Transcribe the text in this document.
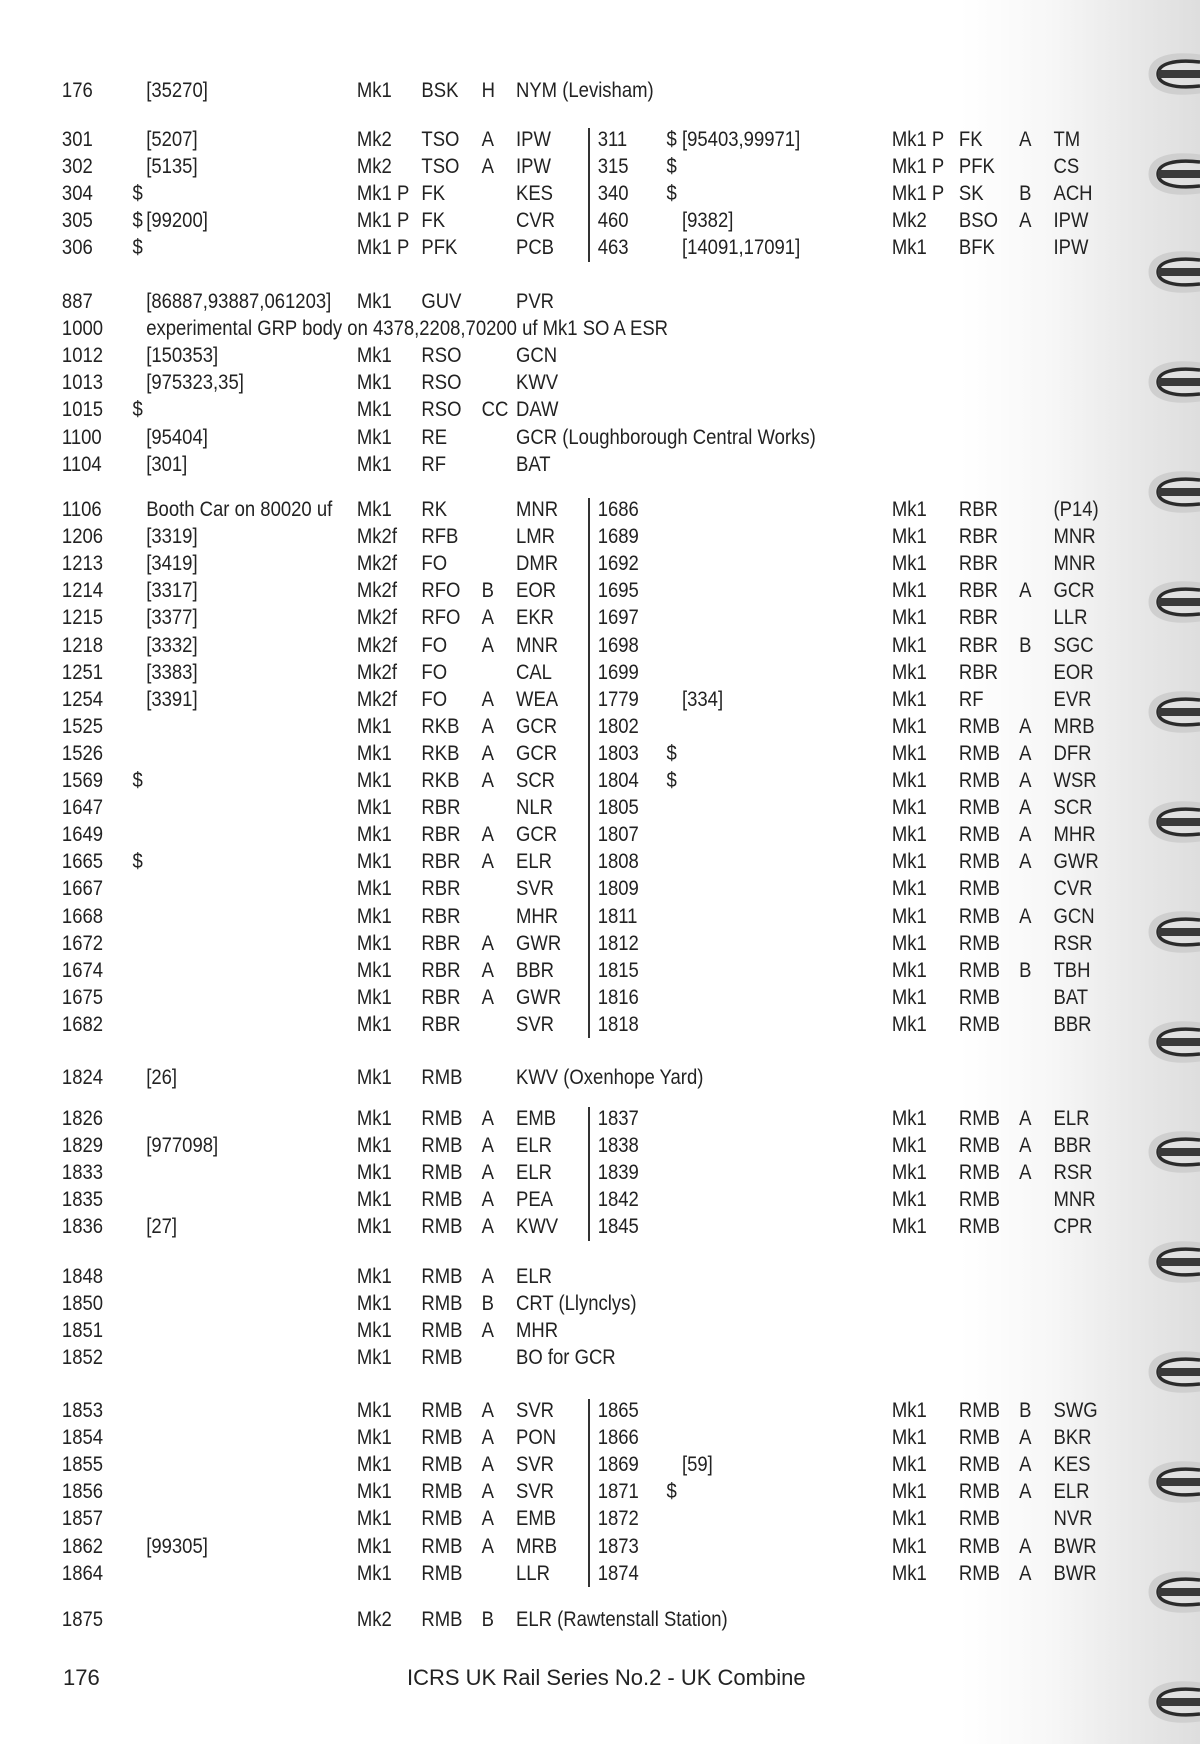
176 [35270]	Mk1 BSK H NYM (Levisham)
301 [5207]	Mk2 TSO A IPW 311 $ [95403,99971]	Mk1 P FK A TM
302 [5135]	Mk2 TSO A IPW 315 $	Mk1 P PFK	CS
304 $	Mk1 P FK	KES 340 $	Mk1 P SK B ACH
305 $ [99200]	Mk1 P FK	CVR 460 [9382]	Mk2 BSO A IPW
306 $	Mk1 P PFK	PCB 463 [14091,17091]	Mk1 BFK	IPW
887 [86887,93887,061203] Mk1 GUV	PVR
1000 experimental GRP body on 4378,2208,70200 uf Mk1 SO A ESR
1012 [150353]	Mk1 RSO	GCN
1013 [975323,35]	Mk1 RSO	KWV
1015 $	Mk1 RSO CC DAW
1100 [95404]	Mk1 RE	GCR (Loughborough Central Works)
1104 [301]	Mk1 RF	BAT
1106 Booth Car on 80020 uf Mk1 RK	MNR 1686	Mk1 RBR	(P14)
1206 [3319]	Mk2f RFB	LMR 1689	Mk1 RBR	MNR
1213 [3419]	Mk2f FO	DMR 1692	Mk1 RBR	MNR
1214 [3317]	Mk2f RFO B EOR 1695	Mk1 RBR A GCR
1215 [3377]	Mk2f RFO A EKR 1697	Mk1 RBR	LLR
1218 [3332]	Mk2f FO A MNR 1698	Mk1 RBR B SGC
1251 [3383]	Mk2f FO	CAL 1699	Mk1 RBR	EOR
1254 [3391]	Mk2f FO A WEA 1779 [334]	Mk1 RF	EVR
1525	Mk1 RKB A GCR 1802	Mk1 RMB A MRB
1526	Mk1 RKB A GCR 1803 $	Mk1 RMB A DFR
1569 $	Mk1 RKB A SCR 1804 $	Mk1 RMB A WSR
1647	Mk1 RBR	NLR 1805	Mk1 RMB A SCR
1649	Mk1 RBR A GCR 1807	Mk1 RMB A MHR
1665 $	Mk1 RBR A ELR 1808	Mk1 RMB A GWR
1667	Mk1 RBR	SVR 1809	Mk1 RMB CVR
1668	Mk1 RBR	MHR 1811	Mk1 RMB A GCN
1672	Mk1 RBR A GWR 1812	Mk1 RMB RSR
1674	Mk1 RBR A BBR 1815	Mk1 RMB B TBH
1675	Mk1 RBR A GWR 1816	Mk1 RMB BAT
1682	Mk1 RBR	SVR 1818	Mk1 RMB BBR
1824 [26]	Mk1 RMB KWV (Oxenhope Yard)
1826	Mk1 RMB A EMB 1837	Mk1 RMB A ELR
1829 [977098]	Mk1 RMB A ELR 1838	Mk1 RMB A BBR
1833	Mk1 RMB A ELR 1839	Mk1 RMB A RSR
1835	Mk1 RMB A PEA 1842	Mk1 RMB MNR
1836 [27]	Mk1 RMB A KWV 1845	Mk1 RMB CPR
1848	Mk1 RMB A ELR
1850	Mk1 RMB B CRT (Llynclys)
1851	Mk1 RMB A MHR
1852	Mk1 RMB BO for GCR
1853	Mk1 RMB A SVR 1865	Mk1 RMB B SWG
1854	Mk1 RMB A PON 1866	Mk1 RMB A BKR
1855	Mk1 RMB A SVR 1869 [59]	Mk1 RMB A KES
1856	Mk1 RMB A SVR 1871 $	Mk1 RMB A ELR
1857	Mk1 RMB A EMB 1872	Mk1 RMB NVR
1862 [99305]	Mk1 RMB A MRB 1873	Mk1 RMB A BWR
1864	Mk1 RMB LLR 1874	Mk1 RMB A BWR
1875	Mk2 RMB B ELR (Rawtenstall Station)
176	ICRS UK Rail Series No.2 - UK Combine
